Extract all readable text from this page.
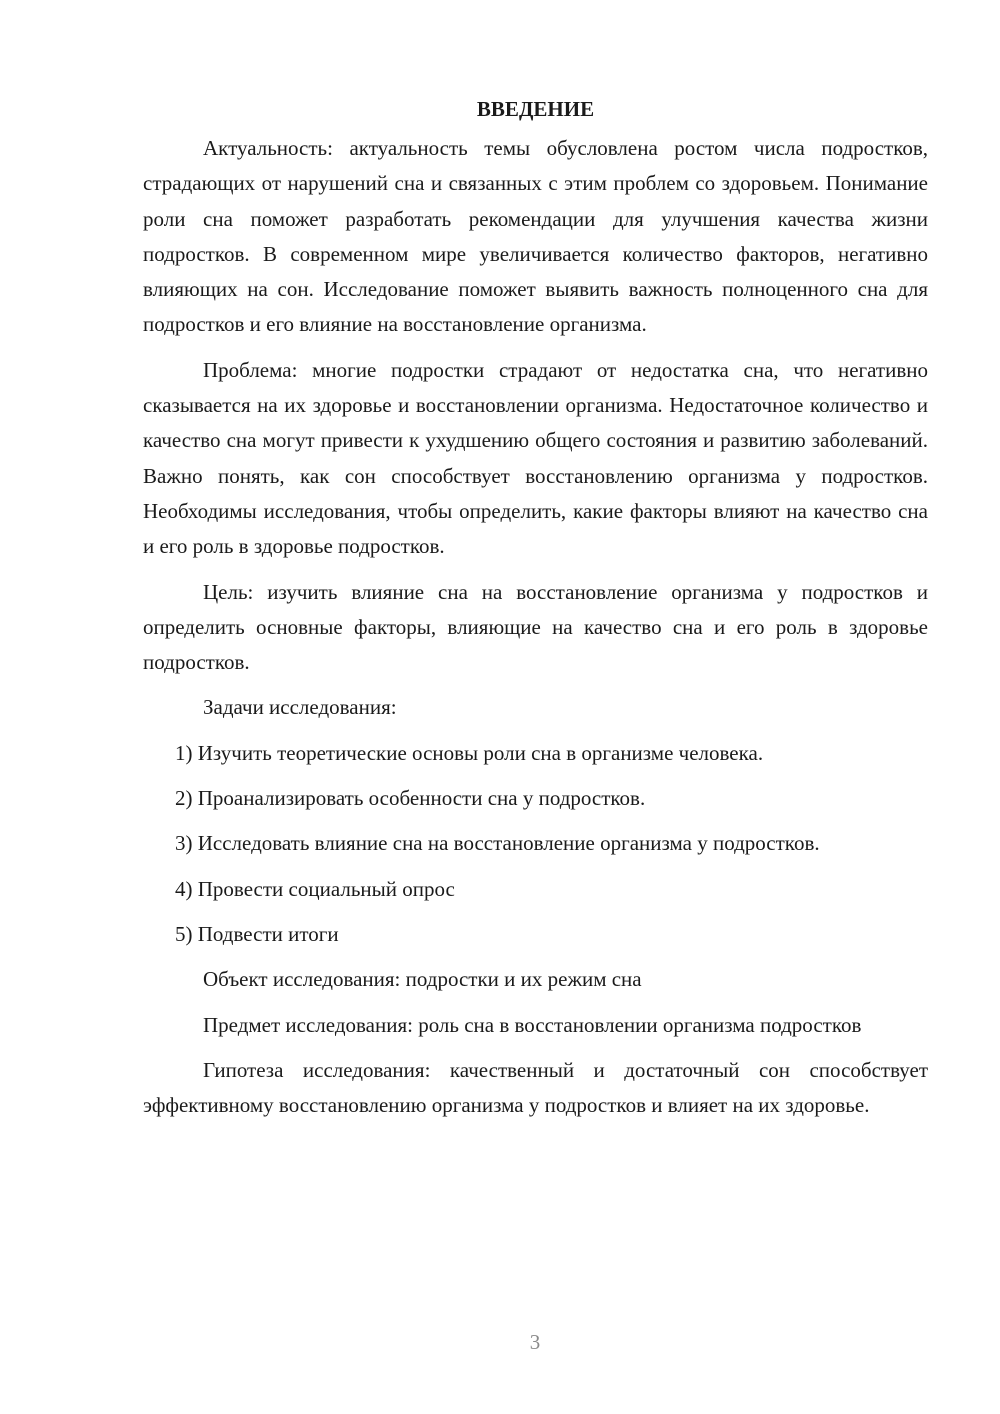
ВВЕДЕНИЕ

Актуальность: актуальность темы обусловлена ростом числа подростков, страдающих от нарушений сна и связанных с этим проблем со здоровьем. Понимание роли сна поможет разработать рекомендации для улучшения качества жизни подростков. В современном мире увеличивается количество факторов, негативно влияющих на сон. Исследование поможет выявить важность полноценного сна для подростков и его влияние на восстановление организма.

Проблема: многие подростки страдают от недостатка сна, что негативно сказывается на их здоровье и восстановлении организма. Недостаточное количество и качество сна могут привести к ухудшению общего состояния и развитию заболеваний. Важно понять, как сон способствует восстановлению организма у подростков. Необходимы исследования, чтобы определить, какие факторы влияют на качество сна и его роль в здоровье подростков.

Цель: изучить влияние сна на восстановление организма у подростков и определить основные факторы, влияющие на качество сна и его роль в здоровье подростков.

Задачи исследования:

1) Изучить теоретические основы роли сна в организме человека.

2) Проанализировать особенности сна у подростков.

3) Исследовать влияние сна на восстановление организма у подростков.

4) Провести социальный опрос

5) Подвести итоги

Объект исследования: подростки и их режим сна

Предмет исследования: роль сна в восстановлении организма подростков

Гипотеза исследования: качественный и достаточный сон способствует эффективному восстановлению организма у подростков и влияет на их здоровье.

3
